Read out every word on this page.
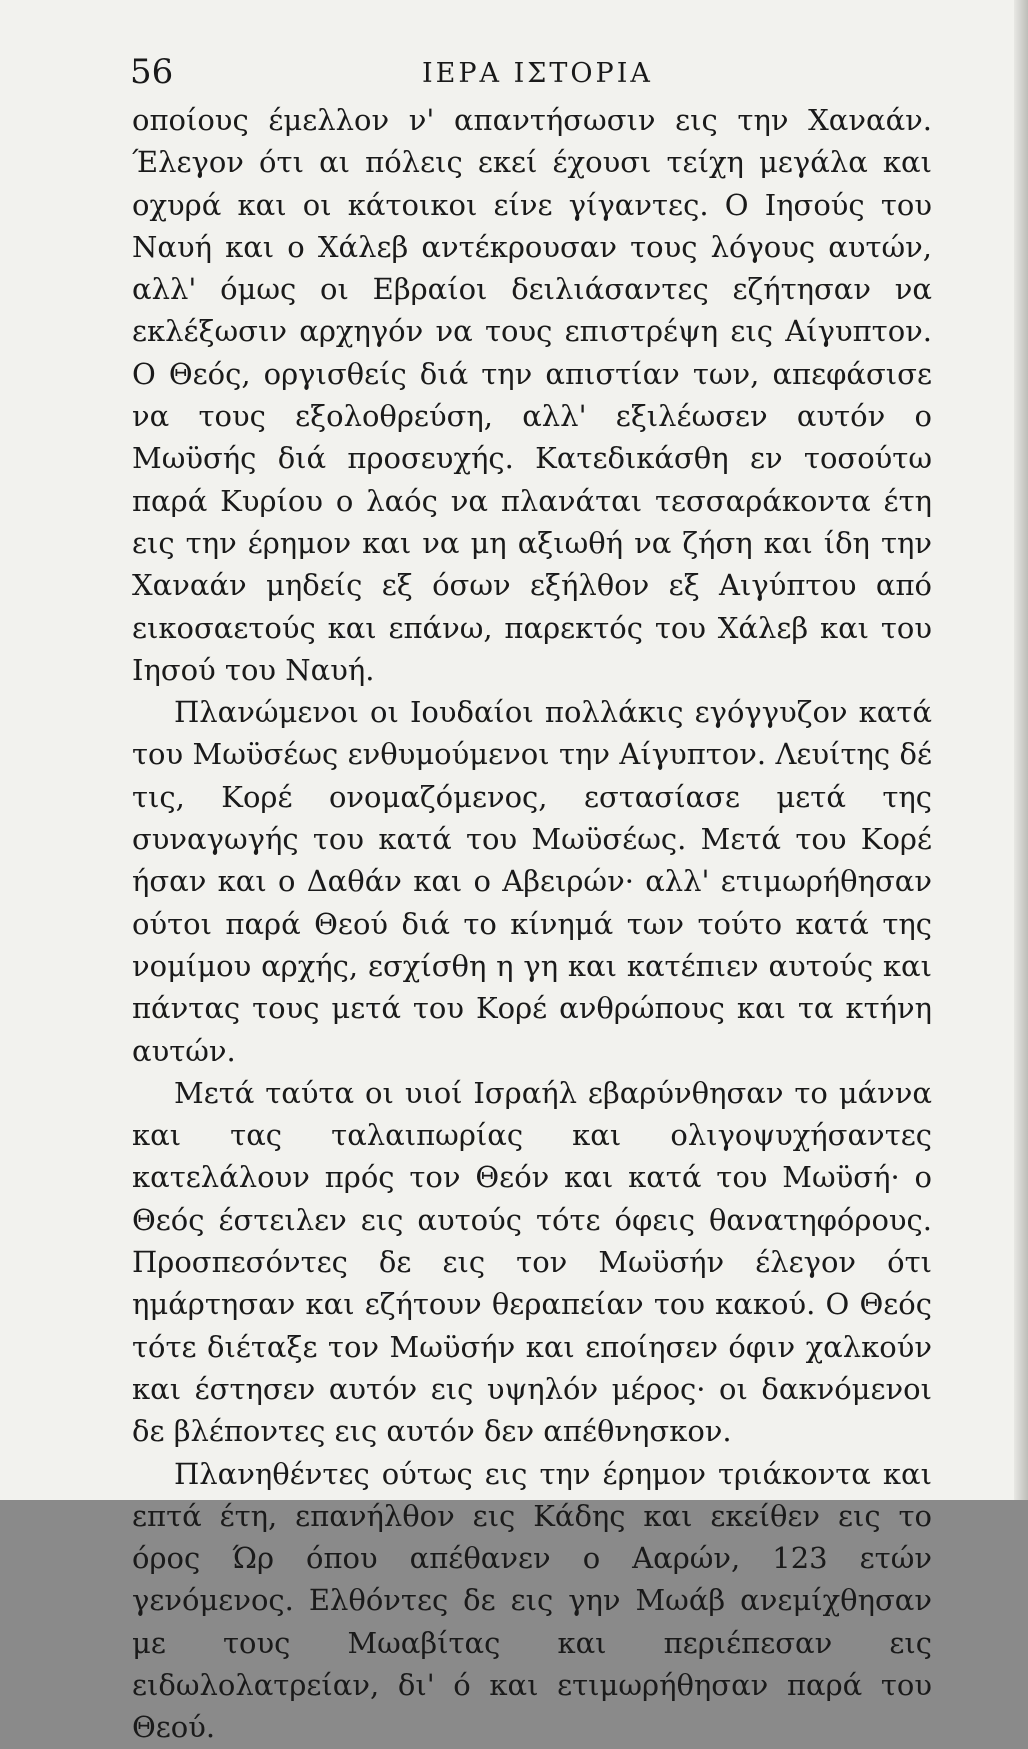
56	ΙΕΡΑ ΙΣΤΟΡΙΑ

οποίους έμελλον ν' απαντήσωσιν εις την Χαναάν. Έλεγον ότι αι πόλεις εκεί έχουσι τείχη μεγάλα και οχυρά και οι κάτοικοι είνε γίγαντες. Ο Ιησούς του Ναυή και ο Χάλεβ αντέκρουσαν τους λόγους αυτών, αλλ' όμως οι Εβραίοι δειλιάσαντες εζήτησαν να εκλέξωσιν αρχηγόν να τους επιστρέψη εις Αίγυπτον. Ο Θεός, οργισθείς διά την απιστίαν των, απεφάσισε να τους εξολοθρεύση, αλλ' εξιλέωσεν αυτόν ο Μωϋσής διά προσευχής. Κατεδικάσθη εν τοσούτω παρά Κυρίου ο λαός να πλανάται τεσσαράκοντα έτη εις την έρημον και να μη αξιωθή να ζήση και ίδη την Χαναάν μηδείς εξ όσων εξήλθον εξ Αιγύπτου από εικοσαετούς και επάνω, παρεκτός του Χάλεβ και του Ιησού του Ναυή.

Πλανώμενοι οι Ιουδαίοι πολλάκις εγόγγυζον κατά του Μωϋσέως ενθυμούμενοι την Αίγυπτον. Λευίτης δέ τις, Κορέ ονομαζόμενος, εστασίασε μετά της συναγωγής του κατά του Μωϋσέως. Μετά του Κορέ ήσαν και ο Δαθάν και ο Αβειρών· αλλ' ετιμωρήθησαν ούτοι παρά Θεού διά το κίνημά των τούτο κατά της νομίμου αρχής, εσχίσθη η γη και κατέπιεν αυτούς και πάντας τους μετά του Κορέ ανθρώπους και τα κτήνη αυτών.

Μετά ταύτα οι υιοί Ισραήλ εβαρύνθησαν το μάννα και τας ταλαιπωρίας και ολιγοψυχήσαντες κατελάλουν πρός τον Θεόν και κατά του Μωϋσή· ο Θεός έστειλεν εις αυτούς τότε όφεις θανατηφόρους. Προσπεσόντες δε εις τον Μωϋσήν έλεγον ότι ημάρτησαν και εζήτουν θεραπείαν του κακού. Ο Θεός τότε διέταξε τον Μωϋσήν και εποίησεν όφιν χαλκούν και έστησεν αυτόν εις υψηλόν μέρος· οι δακνόμενοι δε βλέποντες εις αυτόν δεν απέθνησκον.

Πλανηθέντες ούτως εις την έρημον τριάκοντα και επτά έτη, επανήλθον εις Κάδης και εκείθεν εις το όρος Ώρ όπου απέθανεν ο Ααρών, 123 ετών γενόμενος. Ελθόντες δε εις γην Μωάβ ανεμίχθησαν με τους Μωαβίτας και περιέπεσαν εις ειδωλολατρείαν, δι' ό και ετιμωρήθησαν παρά του Θεού.
